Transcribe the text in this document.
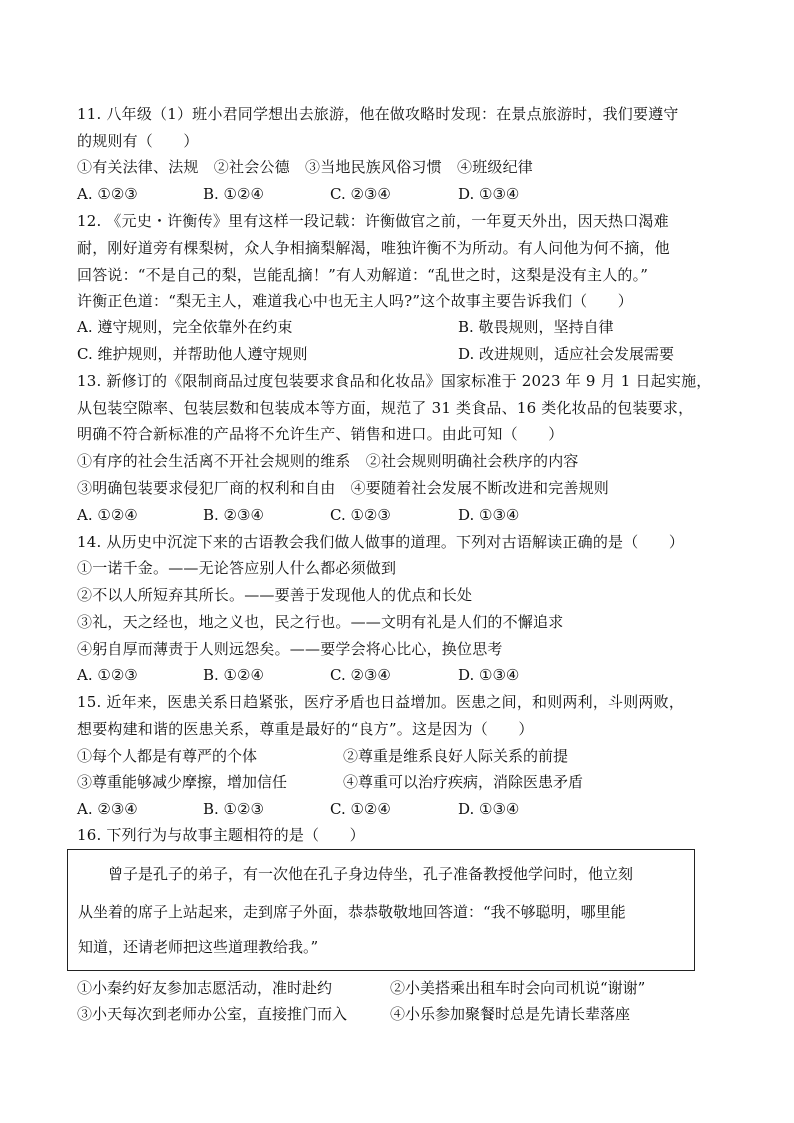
11. 八年级（1）班小君同学想出去旅游，他在做攻略时发现：在景点旅游时，我们要遵守
的规则有（　　）
①有关法律、法规　②社会公德　③当地民族风俗习惯　④班级纪律
A. ①②③	B. ①②④	C. ②③④	D. ①③④
12. 《元史・许衡传》里有这样一段记载：许衡做官之前，一年夏天外出，因天热口渴难
耐，刚好道旁有棵梨树，众人争相摘梨解渴，唯独许衡不为所动。有人问他为何不摘，他
回答说：“不是自己的梨，岂能乱摘！”有人劝解道：“乱世之时，这梨是没有主人的。”
许衡正色道：“梨无主人，难道我心中也无主人吗?”这个故事主要告诉我们（　　）
A. 遵守规则，完全依靠外在约束	B. 敬畏规则，坚持自律
C. 维护规则，并帮助他人遵守规则	D. 改进规则，适应社会发展需要
13. 新修订的《限制商品过度包装要求食品和化妆品》国家标准于 2023 年 9 月 1 日起实施，
从包装空隙率、包装层数和包装成本等方面，规范了 31 类食品、16 类化妆品的包装要求，
明确不符合新标准的产品将不允许生产、销售和进口。由此可知（　　）
①有序的社会生活离不开社会规则的维系　②社会规则明确社会秩序的内容
③明确包装要求侵犯厂商的权利和自由　④要随着社会发展不断改进和完善规则
A. ①②④	B. ②③④	C. ①②③	D. ①③④
14. 从历史中沉淀下来的古语教会我们做人做事的道理。下列对古语解读正确的是（　　）
①一诺千金。——无论答应别人什么都必须做到
②不以人所短弃其所长。——要善于发现他人的优点和长处
③礼，天之经也，地之义也，民之行也。——文明有礼是人们的不懈追求
④躬自厚而薄责于人则远怨矣。——要学会将心比心，换位思考
A. ①②③	B. ①②④	C. ②③④	D. ①③④
15. 近年来，医患关系日趋紧张，医疗矛盾也日益增加。医患之间，和则两利，斗则两败，
想要构建和谐的医患关系，尊重是最好的“良方”。这是因为（　　）
①每个人都是有尊严的个体	②尊重是维系良好人际关系的前提
③尊重能够减少摩擦，增加信任	④尊重可以治疗疾病，消除医患矛盾
A. ②③④	B. ①②③	C. ①②④	D. ①③④
16. 下列行为与故事主题相符的是（　　）
曾子是孔子的弟子，有一次他在孔子身边侍坐，孔子准备教授他学问时，他立刻
从坐着的席子上站起来，走到席子外面，恭恭敬敬地回答道：“我不够聪明，哪里能
知道，还请老师把这些道理教给我。”
①小秦约好友参加志愿活动，准时赴约	②小美搭乘出租车时会向司机说“谢谢”
③小天每次到老师办公室，直接推门而入	④小乐参加聚餐时总是先请长辈落座
